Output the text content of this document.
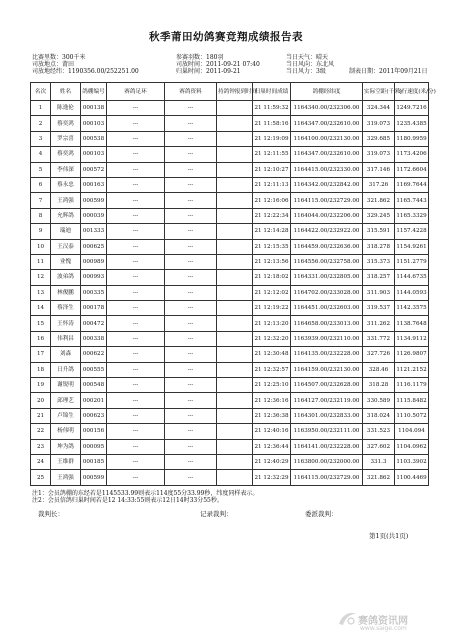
秋季莆田幼鸽赛竞翔成绩报告表
比赛里数：300千米
司放地点：莆田
司放地经纬：1190356.00/252251.00
参赛羽数：180羽
司放时间：2011-09-21 07:40
归巢时间：2011-09-21
当日天气：晴天
当日风向：东北风
当日风力：3级	制表日期：2011年09月21日
名次	姓名	鸽棚编号	赛鸽足环	赛鸽资料	持鸽钟报到时间	归巢时间成绩	鸽棚经纬度	实际空距(千米)	飞行速度(米/分)
1	陈逸伦	000138	---	---		21 11:59:32	1164340.00/232306.00	324.344	1249.7216
2	蔡奕鸿	000103	---	---		21 11:58:16	1164347.00/232610.00	319.073	1235.4385
3	罗宗喜	000538	---	---		21 12:19:09	1164100.00/232130.00	329.685	1180.9959
4	蔡奕鸿	000103	---	---		21 12:11:55	1164347.00/232610.00	319.073	1173.4206
5	李伟深	000572	---	---		21 12:10:27	1164415.00/232330.00	317.146	1172.6604
6	蔡永忠	000163	---	---		21 12:11:13	1164342.00/232842.00	317.26	1169.7644
7	王鸿强	000599	---	---		21 12:16:06	1164115.00/232729.00	321.862	1165.7443
8	允辉鸽	000039	---	---		21 12:22:34	1164044.00/232206.00	329.245	1165.3329
9	瑞迪	001333	---	---		21 12:14:28	1164422.00/232922.00	315.591	1157.4228
10	王汉泰	000625	---	---		21 12:15:35	1164459.00/232636.00	318.278	1154.9261
11	业愧	000989	---	---		21 12:13:56	1164556.00/232758.00	315.373	1151.2779
12	波弟鸽	000993	---	---		21 12:18:02	1164331.00/232805.00	318.257	1144.6735
13	林俊鹏	000335	---	---		21 12:12:02	1164702.00/233028.00	311.903	1144.0593
14	蔡泽生	000178	---	---		21 12:19:22	1164451.00/232603.00	319.537	1142.3575
15	王怀涛	000472	---	---		21 12:13:20	1164658.00/233013.00	311.262	1138.7648
16	伟利昌	000338	---	---		21 12:32:20	1163939.00/232110.00	331.772	1134.9112
17	刘森	000622	---	---		21 12:30:48	1164135.00/232228.00	327.726	1126.9807
18	日升鸽	000555	---	---		21 12:32:57	1164159.00/232130.00	328.46	1121.2152
19	谢锐明	000548	---	---		21 12:25:10	1164507.00/232628.00	318.28	1116.1179
20	邱理艺	000201	---	---		21 12:36:16	1164127.00/232119.00	330.589	1115.8482
21	卢锦生	000623	---	---		21 12:36:38	1164301.00/232833.00	318.024	1110.5072
22	杨伟明	000156	---	---		21 12:40:16	1163950.00/232111.00	331.523	1104.094
23	坤为鸽	000095	---	---		21 12:36:44	1164141.00/232228.00	327.602	1104.0962
24	王维群	000185	---	---		21 12:40:29	1163800.00/232000.00	331.3	1103.3902
25	王鸿强	000599	---	---		21 12:32:29	1164115.00/232729.00	321.862	1100.4469
注1：会员鸽棚的东经若是1145533.99则表示114度55分33.99秒，纬度同样表示。
注2：会员信鸽归巢时间若是12 14:33:55则表示12日14时33分55秒。
裁判长：	记录裁判：	委派裁判：
第1页(共1页)
赛鸽资讯网
www.saige.com
